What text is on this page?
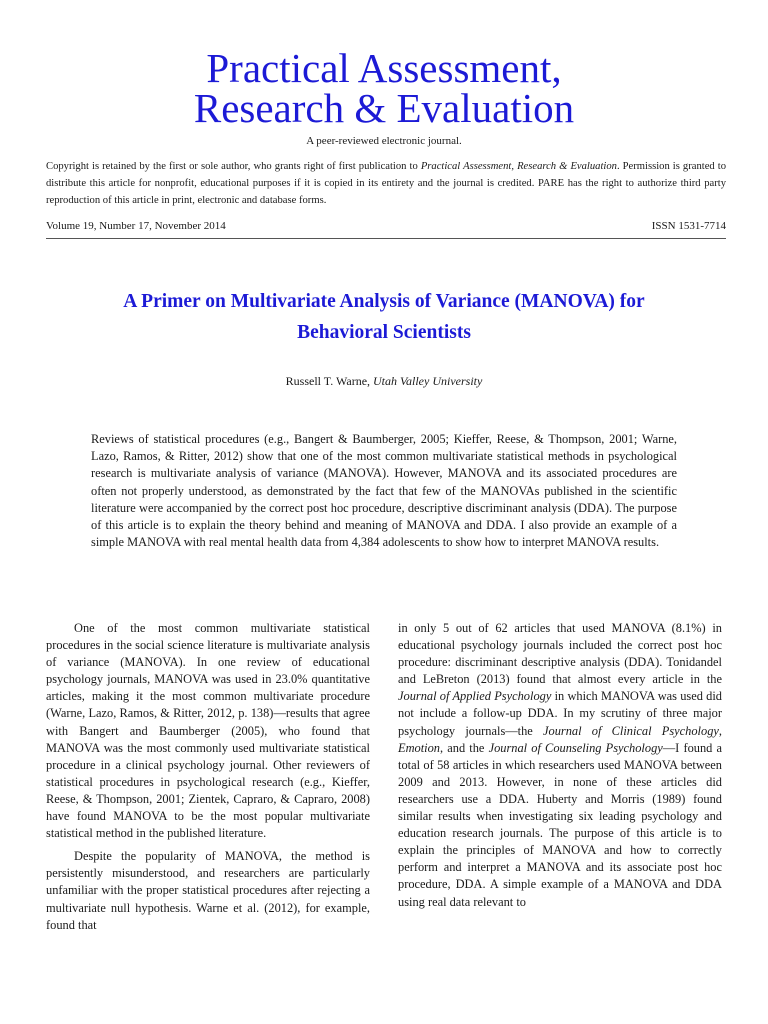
Practical Assessment,
Research & Evaluation
A peer-reviewed electronic journal.
Copyright is retained by the first or sole author, who grants right of first publication to Practical Assessment, Research & Evaluation. Permission is granted to distribute this article for nonprofit, educational purposes if it is copied in its entirety and the journal is credited. PARE has the right to authorize third party reproduction of this article in print, electronic and database forms.
Volume 19, Number 17, November 2014	ISSN 1531-7714
A Primer on Multivariate Analysis of Variance (MANOVA) for Behavioral Scientists
Russell T. Warne, Utah Valley University

Reviews of statistical procedures (e.g., Bangert & Baumberger, 2005; Kieffer, Reese, & Thompson, 2001; Warne, Lazo, Ramos, & Ritter, 2012) show that one of the most common multivariate statistical methods in psychological research is multivariate analysis of variance (MANOVA). However, MANOVA and its associated procedures are often not properly understood, as demonstrated by the fact that few of the MANOVAs published in the scientific literature were accompanied by the correct post hoc procedure, descriptive discriminant analysis (DDA). The purpose of this article is to explain the theory behind and meaning of MANOVA and DDA. I also provide an example of a simple MANOVA with real mental health data from 4,384 adolescents to show how to interpret MANOVA results.

One of the most common multivariate statistical procedures in the social science literature is multivariate analysis of variance (MANOVA). In one review of educational psychology journals, MANOVA was used in 23.0% quantitative articles, making it the most common multivariate procedure (Warne, Lazo, Ramos, & Ritter, 2012, p. 138)—results that agree with Bangert and Baumberger (2005), who found that MANOVA was the most commonly used multivariate statistical procedure in a clinical psychology journal. Other reviewers of statistical procedures in psychological research (e.g., Kieffer, Reese, & Thompson, 2001; Zientek, Capraro, & Capraro, 2008) have found MANOVA to be the most popular multivariate statistical method in the published literature.

Despite the popularity of MANOVA, the method is persistently misunderstood, and researchers are particularly unfamiliar with the proper statistical procedures after rejecting a multivariate null hypothesis. Warne et al. (2012), for example, found that

in only 5 out of 62 articles that used MANOVA (8.1%) in educational psychology journals included the correct post hoc procedure: discriminant descriptive analysis (DDA). Tonidandel and LeBreton (2013) found that almost every article in the Journal of Applied Psychology in which MANOVA was used did not include a follow-up DDA. In my scrutiny of three major psychology journals—the Journal of Clinical Psychology, Emotion, and the Journal of Counseling Psychology—I found a total of 58 articles in which researchers used MANOVA between 2009 and 2013. However, in none of these articles did researchers use a DDA. Huberty and Morris (1989) found similar results when investigating six leading psychology and education research journals. The purpose of this article is to explain the principles of MANOVA and how to correctly perform and interpret a MANOVA and its associate post hoc procedure, DDA. A simple example of a MANOVA and DDA using real data relevant to
